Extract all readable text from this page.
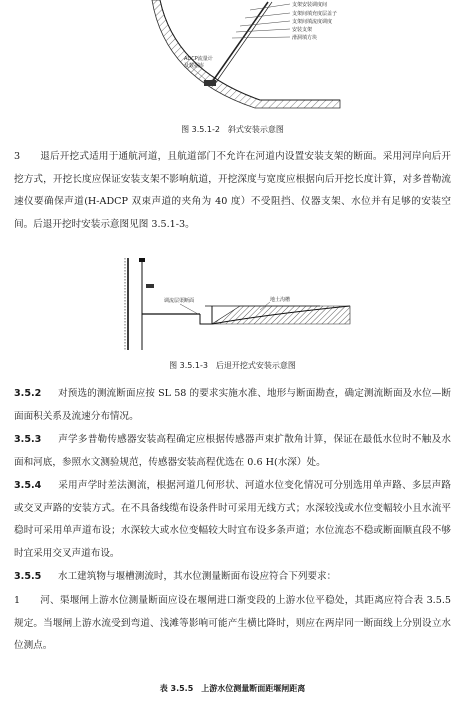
支架安装调度间
支架间填充度层盖子
支架间填流度调度
安装支架
滑洞填方块
ADCP流量计
及数据库
图 3.5.1-2　斜式安装示意图
3 退后开挖式适用于通航河道，且航道部门不允许在河道内设置安装支架的断面。采用河岸向后开挖方式，开挖长度应保证安装支架不影响航道，开挖深度与宽度应根据向后开挖长度计算，对多普勒流速仪要确保声道(H-ADCP 双束声道的夹角为 40 度）不受阻挡、仪器支架、水位并有足够的安装空间。后退开挖时安装示意图见图 3.5.1-3。
调流层渠断面	地土沟槽
图 3.5.1-3　后退开挖式安装示意图
3.5.2 对预选的测流断面应按 SL 58 的要求实施水准、地形与断面勘查，确定测流断面及水位—断面面积关系及流速分布情况。
3.5.3 声学多普勒传感器安装高程确定应根据传感器声束扩散角计算，保证在最低水位时不触及水面和河底，参照水文测验规范，传感器安装高程优选在 0.6 H(水深）处。
3.5.4 采用声学时差法测流，根据河道几何形状、河道水位变化情况可分别选用单声路、多层声路或交叉声路的安装方式。在不具备线缆布设条件时可采用无线方式；水深较浅或水位变幅较小且水流平稳时可采用单声道布设；水深较大或水位变幅较大时宜布设多条声道；水位流态不稳或断面顺直段不够时宜采用交叉声道布设。
3.5.5 水工建筑物与堰槽测流时，其水位测量断面布设应符合下列要求：
1 河、渠堰闸上游水位测量断面应设在堰闸进口渐变段的上游水位平稳处，其距离应符合表 3.5.5 规定。当堰闸上游水流受到弯道、浅滩等影响可能产生横比降时，则应在两岸同一断面线上分别设立水位测点。
表 3.5.5　上游水位测量断面距堰闸距离
